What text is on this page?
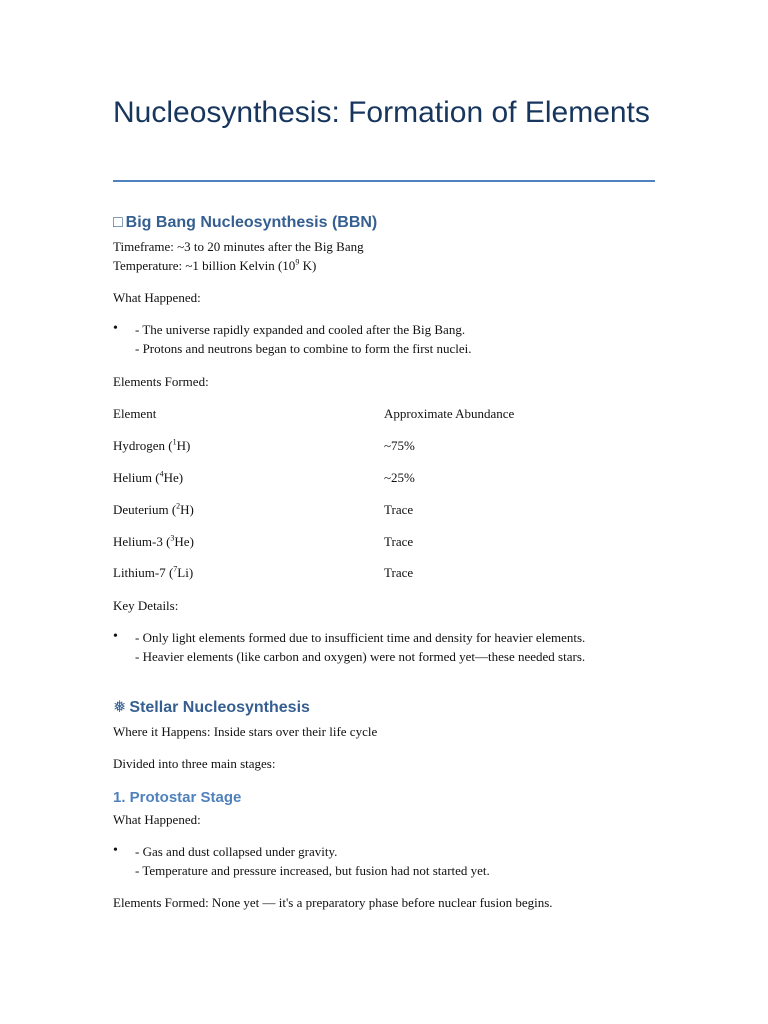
Nucleosynthesis: Formation of Elements
□ Big Bang Nucleosynthesis (BBN)
Timeframe: ~3 to 20 minutes after the Big Bang
Temperature: ~1 billion Kelvin ($10^9$ K)
What Happened:
• - The universe rapidly expanded and cooled after the Big Bang.
- Protons and neutrons began to combine to form the first nuclei.
Elements Formed:
Element	Approximate Abundance
Hydrogen ($^1$H)	~75%
Helium ($^4$He)	~25%
Deuterium ($^2$H)	Trace
Helium-3 ($^3$He)	Trace
Lithium-7 ($^7$Li)	Trace
Key Details:
• - Only light elements formed due to insufficient time and density for heavier elements.
- Heavier elements (like carbon and oxygen) were not formed yet—these needed stars.
❅ Stellar Nucleosynthesis
Where it Happens: Inside stars over their life cycle
Divided into three main stages:
1. Protostar Stage
What Happened:
• - Gas and dust collapsed under gravity.
- Temperature and pressure increased, but fusion had not started yet.
Elements Formed: None yet — it's a preparatory phase before nuclear fusion begins.
